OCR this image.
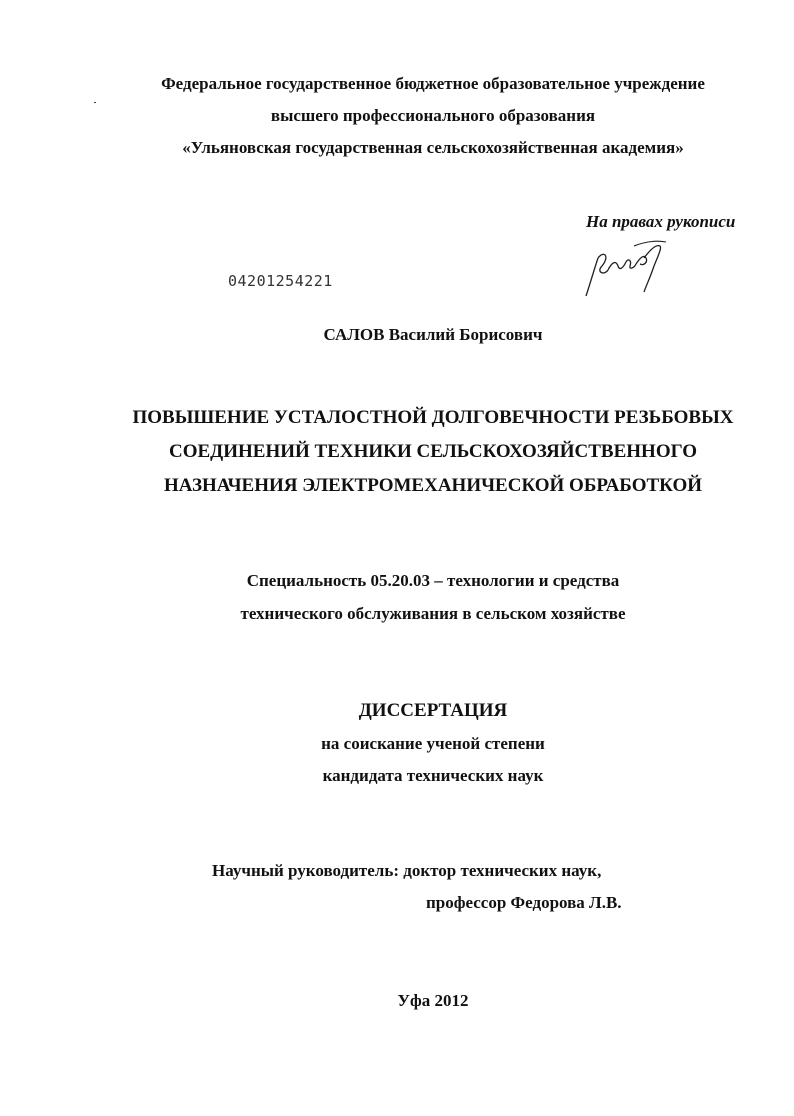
Федеральное государственное бюджетное образовательное учреждение
высшего профессионального образования
«Ульяновская государственная сельскохозяйственная академия»
На правах рукописи
04201254221
САЛОВ Василий Борисович
ПОВЫШЕНИЕ УСТАЛОСТНОЙ ДОЛГОВЕЧНОСТИ РЕЗЬБОВЫХ
СОЕДИНЕНИЙ ТЕХНИКИ СЕЛЬСКОХОЗЯЙСТВЕННОГО
НАЗНАЧЕНИЯ ЭЛЕКТРОМЕХАНИЧЕСКОЙ ОБРАБОТКОЙ
Специальность 05.20.03 – технологии и средства
технического обслуживания в сельском хозяйстве
ДИССЕРТАЦИЯ
на соискание ученой степени
кандидата технических наук
Научный руководитель: доктор технических наук,
профессор Федорова Л.В.
Уфа 2012
